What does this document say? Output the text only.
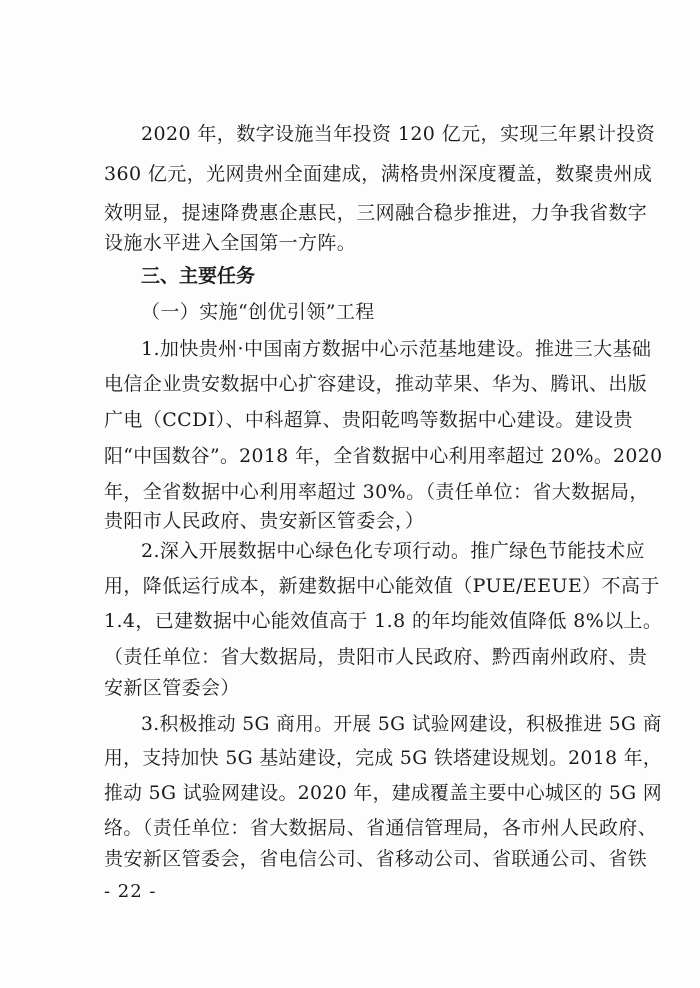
2020 年，数字设施当年投资 120 亿元，实现三年累计投资
360 亿元，光网贵州全面建成，满格贵州深度覆盖，数聚贵州成
效明显，提速降费惠企惠民，三网融合稳步推进，力争我省数字
设施水平进入全国第一方阵。
三、主要任务
（一）实施“创优引领”工程
1.加快贵州·中国南方数据中心示范基地建设。推进三大基础
电信企业贵安数据中心扩容建设，推动苹果、华为、腾讯、出版
广电（CCDI）、中科超算、贵阳乾鸣等数据中心建设。建设贵
阳“中国数谷”。2018 年，全省数据中心利用率超过 20%。2020
年，全省数据中心利用率超过 30%。（责任单位：省大数据局，
贵阳市人民政府、贵安新区管委会，）
2.深入开展数据中心绿色化专项行动。推广绿色节能技术应
用，降低运行成本，新建数据中心能效值（PUE/EEUE）不高于
1.4，已建数据中心能效值高于 1.8 的年均能效值降低 8%以上。
（责任单位：省大数据局，贵阳市人民政府、黔西南州政府、贵
安新区管委会）
3.积极推动 5G 商用。开展 5G 试验网建设，积极推进 5G 商
用，支持加快 5G 基站建设，完成 5G 铁塔建设规划。2018 年，
推动 5G 试验网建设。2020 年，建成覆盖主要中心城区的 5G 网
络。（责任单位：省大数据局、省通信管理局，各市州人民政府、
贵安新区管委会，省电信公司、省移动公司、省联通公司、省铁
- 22 -
